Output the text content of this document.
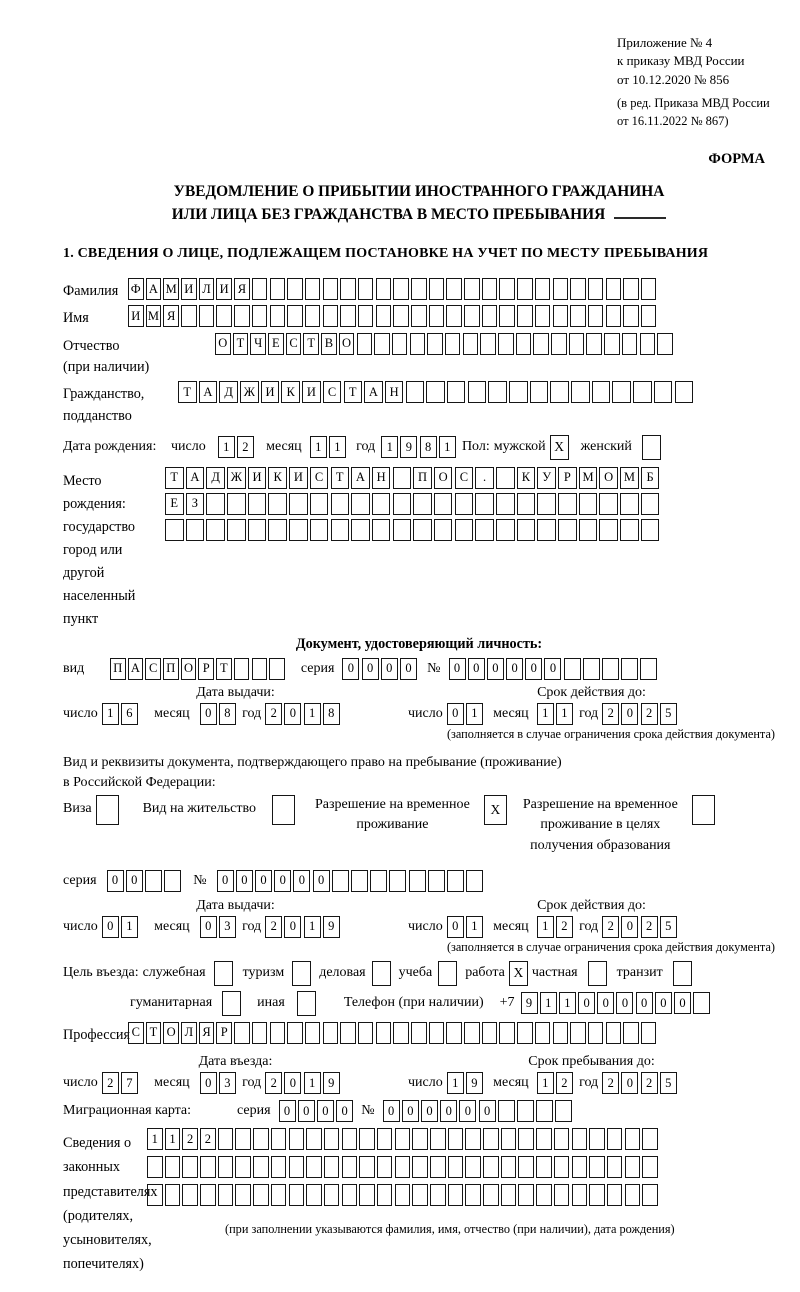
Приложение № 4
к приказу МВД России
от 10.12.2020 № 856
(в ред. Приказа МВД России
от 16.11.2022 № 867)
ФОРМА
УВЕДОМЛЕНИЕ О ПРИБЫТИИ ИНОСТРАННОГО ГРАЖДАНИНА
ИЛИ ЛИЦА БЕЗ ГРАЖДАНСТВА В МЕСТО ПРЕБЫВАНИЯ
1. СВЕДЕНИЯ О ЛИЦЕ, ПОДЛЕЖАЩЕМ ПОСТАНОВКЕ НА УЧЕТ ПО МЕСТУ ПРЕБЫВАНИЯ
Фамилия	Ф А М И Л И Я
Имя	И М Я
Отчество
(при наличии)
О Т Ч Е С Т В О
Гражданство,
подданство
Т А Д Ж И К И С	Т А Н
Дата рождения:	число	1	2	месяц	1	1	год 1	9	8	1 Пол: мужской X	женский
Место рождения:
государство
город или другой
населенный пункт
Т А Д Ж И К И С	Т А Н	П О С	.	К У	Р М О М Б
Е	З
Документ, удостоверяющий личность:
вид	П А С П О Р Т	серия	0	0	0	0	№	0	0	0	0	0	0
Дата выдачи:	Срок действия до:
число 1	6	месяц	0	8 год 2	0	1	8	число 0	1	месяц	1	1 год 2	0	2	5
(заполняется в случае ограничения срока действия документа)
Вид и реквизиты документа, подтверждающего право на пребывание (проживание)
в Российской Федерации:
Виза	Вид на жительство	Разрешение на временное
проживание
X	Разрешение на временное
проживание в целях
получения образования
серия	0	0	№	0	0	0	0	0	0
Дата выдачи:	Срок действия до:
число 0	1	месяц	0	3 год 2	0	1	9	число 0	1	месяц	1	2 год 2	0	2	5
(заполняется в случае ограничения срока действия документа)
Цель въезда: служебная	туризм	деловая учеба работа X частная	транзит
гуманитарная	иная	Телефон (при наличии) +7 9	1	1	0	0	0	0	0	0
Профессия С Т О Л Я Р
Дата въезда:	Срок пребывания до:
число 2	7	месяц	0	3 год 2	0	1	9	число 1	9	месяц	1	2 год 2	0	2	5
Миграционная карта:	серия	0	0	0	0 №	0	0	0	0	0	0
Сведения о
законных
представителях
(родителях,
усыновителях,
попечителях)
1 1 2 2
(при заполнении указываются фамилия, имя, отчество (при наличии), дата рождения)
